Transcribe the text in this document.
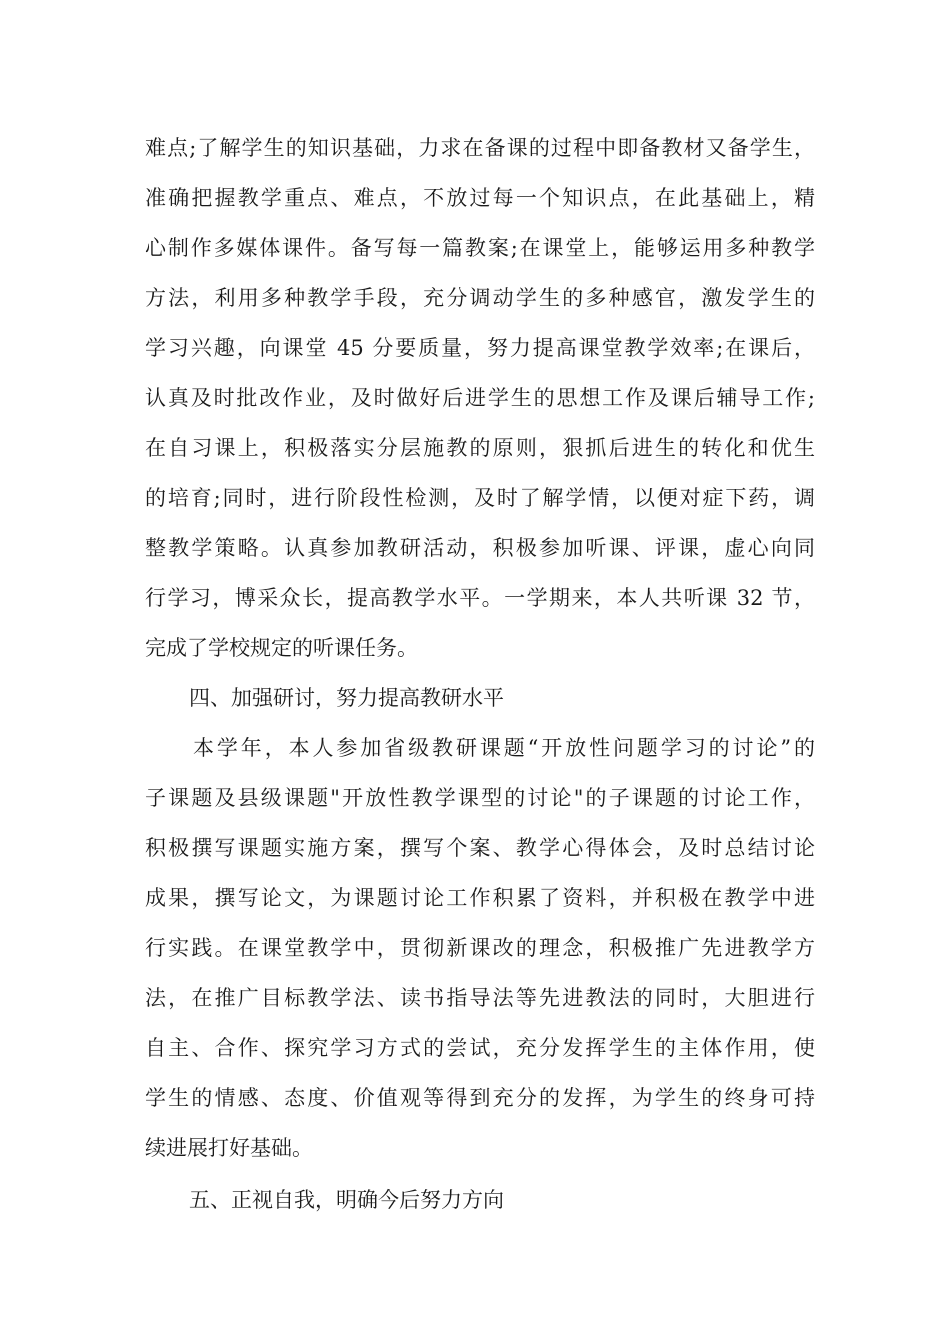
难点;了解学生的知识基础，力求在备课的过程中即备教材又备学生，
准确把握教学重点、难点，不放过每一个知识点，在此基础上，精
心制作多媒体课件。备写每一篇教案;在课堂上，能够运用多种教学
方法，利用多种教学手段，充分调动学生的多种感官，激发学生的
学习兴趣，向课堂 45 分要质量，努力提高课堂教学效率;在课后，
认真及时批改作业，及时做好后进学生的思想工作及课后辅导工作;
在自习课上，积极落实分层施教的原则，狠抓后进生的转化和优生
的培育;同时，进行阶段性检测，及时了解学情，以便对症下药，调
整教学策略。认真参加教研活动，积极参加听课、评课，虚心向同
行学习，博采众长，提高教学水平。一学期来，本人共听课 32 节，
完成了学校规定的听课任务。
四、加强研讨，努力提高教研水平
本学年，本人参加省级教研课题“开放性问题学习的讨论”的
子课题及县级课题"开放性教学课型的讨论"的子课题的讨论工作，
积极撰写课题实施方案，撰写个案、教学心得体会，及时总结讨论
成果，撰写论文，为课题讨论工作积累了资料，并积极在教学中进
行实践。在课堂教学中，贯彻新课改的理念，积极推广先进教学方
法，在推广目标教学法、读书指导法等先进教法的同时，大胆进行
自主、合作、探究学习方式的尝试，充分发挥学生的主体作用，使
学生的情感、态度、价值观等得到充分的发挥，为学生的终身可持
续进展打好基础。
五、正视自我，明确今后努力方向
